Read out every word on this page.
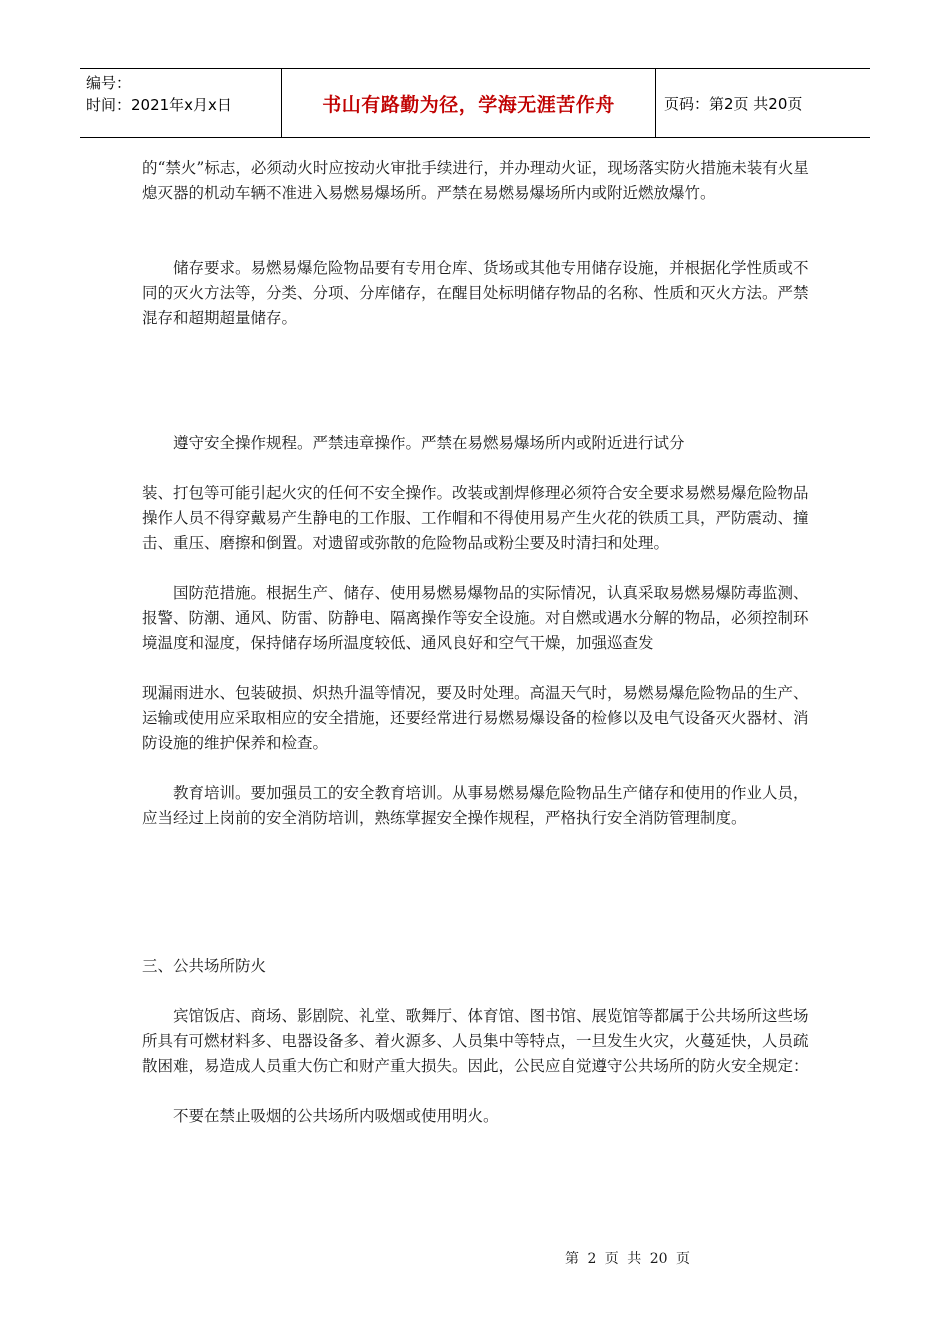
编号：
时间：2021年x月x日	书山有路勤为径，学海无涯苦作舟	页码：第2页 共20页

的“禁火”标志，必须动火时应按动火审批手续进行，并办理动火证，现场落实防火措施未装有火星熄灭器的机动车辆不准进入易燃易爆场所。严禁在易燃易爆场所内或附近燃放爆竹。

储存要求。易燃易爆危险物品要有专用仓库、货场或其他专用储存设施，并根据化学性质或不同的灭火方法等，分类、分项、分库储存，在醒目处标明储存物品的名称、性质和灭火方法。严禁混存和超期超量储存。

遵守安全操作规程。严禁违章操作。严禁在易燃易爆场所内或附近进行试分

装、打包等可能引起火灾的任何不安全操作。改装或割焊修理必须符合安全要求易燃易爆危险物品操作人员不得穿戴易产生静电的工作服、工作帽和不得使用易产生火花的铁质工具，严防震动、撞击、重压、磨擦和倒置。对遗留或弥散的危险物品或粉尘要及时清扫和处理。

国防范措施。根据生产、储存、使用易燃易爆物品的实际情况，认真采取易燃易爆防毒监测、报警、防潮、通风、防雷、防静电、隔离操作等安全设施。对自燃或遇水分解的物品，必须控制环境温度和湿度，保持储存场所温度较低、通风良好和空气干燥，加强巡查发

现漏雨进水、包装破损、炽热升温等情况，要及时处理。高温天气时，易燃易爆危险物品的生产、运输或使用应采取相应的安全措施，还要经常进行易燃易爆设备的检修以及电气设备灭火器材、消防设施的维护保养和检查。

教育培训。要加强员工的安全教育培训。从事易燃易爆危险物品生产储存和使用的作业人员，应当经过上岗前的安全消防培训，熟练掌握安全操作规程，严格执行安全消防管理制度。

三、公共场所防火

宾馆饭店、商场、影剧院、礼堂、歌舞厅、体育馆、图书馆、展览馆等都属于公共场所这些场所具有可燃材料多、电器设备多、着火源多、人员集中等特点，一旦发生火灾，火蔓延快，人员疏散困难，易造成人员重大伤亡和财产重大损失。因此，公民应自觉遵守公共场所的防火安全规定：

不要在禁止吸烟的公共场所内吸烟或使用明火。

第 2 页 共 20 页
